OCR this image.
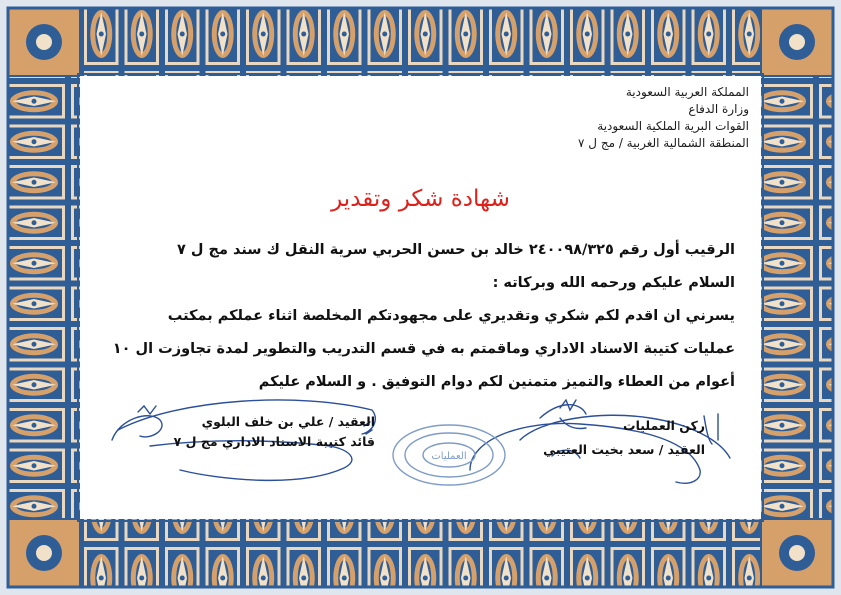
المملكة العربية السعودية
وزارة الدفاع
القوات البرية الملكية السعودية
المنطقة الشمالية الغربية / مج ل ٧
شهادة شكر وتقدير
الرقيب أول رقم ٢٤٠٠٩٨/٣٢٥ خالد بن حسن الحربي سرية النقل ك سند مج ل ٧
السلام عليكم ورحمه الله وبركاته :
يسرني ان اقدم لكم شكري وتقديري على مجهودتكم المخلصة اثناء عملكم بمكتب
عمليات كتيبة الاسناد الاداري وماقمتم به في قسم التدريب والتطوير لمدة تجاوزت ال ١٠
أعوام من العطاء والتميز متمنين لكم دوام التوفيق . و السلام عليكم
العمليات
العقيد / علي بن خلف البلوي
قائد كتيبة الاسناد الاداري مج ل ٧
ركن العمليات
العقيد / سعد بخيت العتيبي
